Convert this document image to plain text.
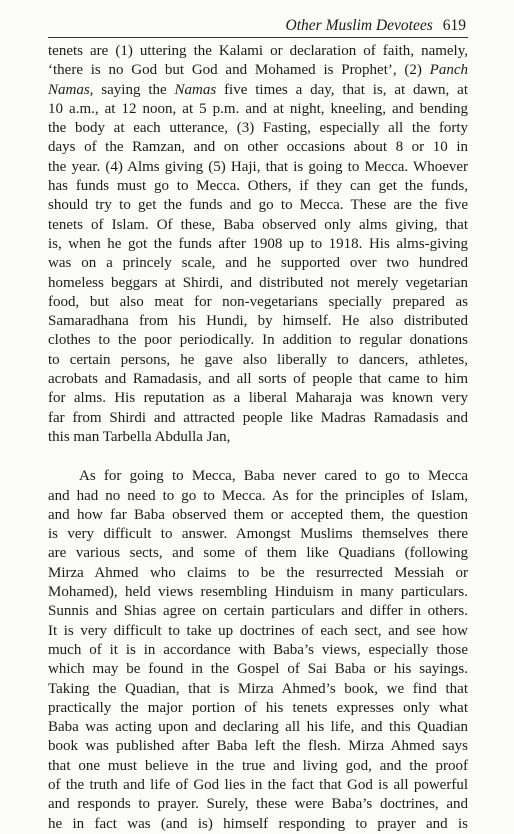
Other Muslim Devotees 619
tenets are (1) uttering the Kalami or declaration of faith, namely,
‘there is no God but God and Mohamed is Prophet’, (2) Panch
Namas, saying the Namas five times a day, that is, at dawn, at
10 a.m., at 12 noon, at 5 p.m. and at night, kneeling, and bending
the body at each utterance, (3) Fasting, especially all the forty
days of the Ramzan, and on other occasions about 8 or 10 in
the year. (4) Alms giving (5) Haji, that is going to Mecca. Whoever
has funds must go to Mecca. Others, if they can get the funds,
should try to get the funds and go to Mecca. These are the five
tenets of Islam. Of these, Baba observed only alms giving, that
is, when he got the funds after 1908 up to 1918. His alms-giving
was on a princely scale, and he supported over two hundred
homeless beggars at Shirdi, and distributed not merely vegetarian
food, but also meat for non-vegetarians specially prepared as
Samaradhana from his Hundi, by himself. He also distributed
clothes to the poor periodically. In addition to regular donations
to certain persons, he gave also liberally to dancers, athletes,
acrobats and Ramadasis, and all sorts of people that came to him
for alms. His reputation as a liberal Maharaja was known very
far from Shirdi and attracted people like Madras Ramadasis and
this man Tarbella Abdulla Jan,
As for going to Mecca, Baba never cared to go to Mecca
and had no need to go to Mecca. As for the principles of Islam,
and how far Baba observed them or accepted them, the question
is very difficult to answer. Amongst Muslims themselves there
are various sects, and some of them like Quadians (following
Mirza Ahmed who claims to be the resurrected Messiah or
Mohamed), held views resembling Hinduism in many particulars.
Sunnis and Shias agree on certain particulars and differ in others.
It is very difficult to take up doctrines of each sect, and see how
much of it is in accordance with Baba’s views, especially those
which may be found in the Gospel of Sai Baba or his sayings.
Taking the Quadian, that is Mirza Ahmed’s book, we find that
practically the major portion of his tenets expresses only what
Baba was acting upon and declaring all his life, and this Quadian
book was published after Baba left the flesh. Mirza Ahmed says
that one must believe in the true and living god, and the proof
of the truth and life of God lies in the fact that God is all powerful
and responds to prayer. Surely, these were Baba’s doctrines, and
he in fact was (and is) himself responding to prayer and is
